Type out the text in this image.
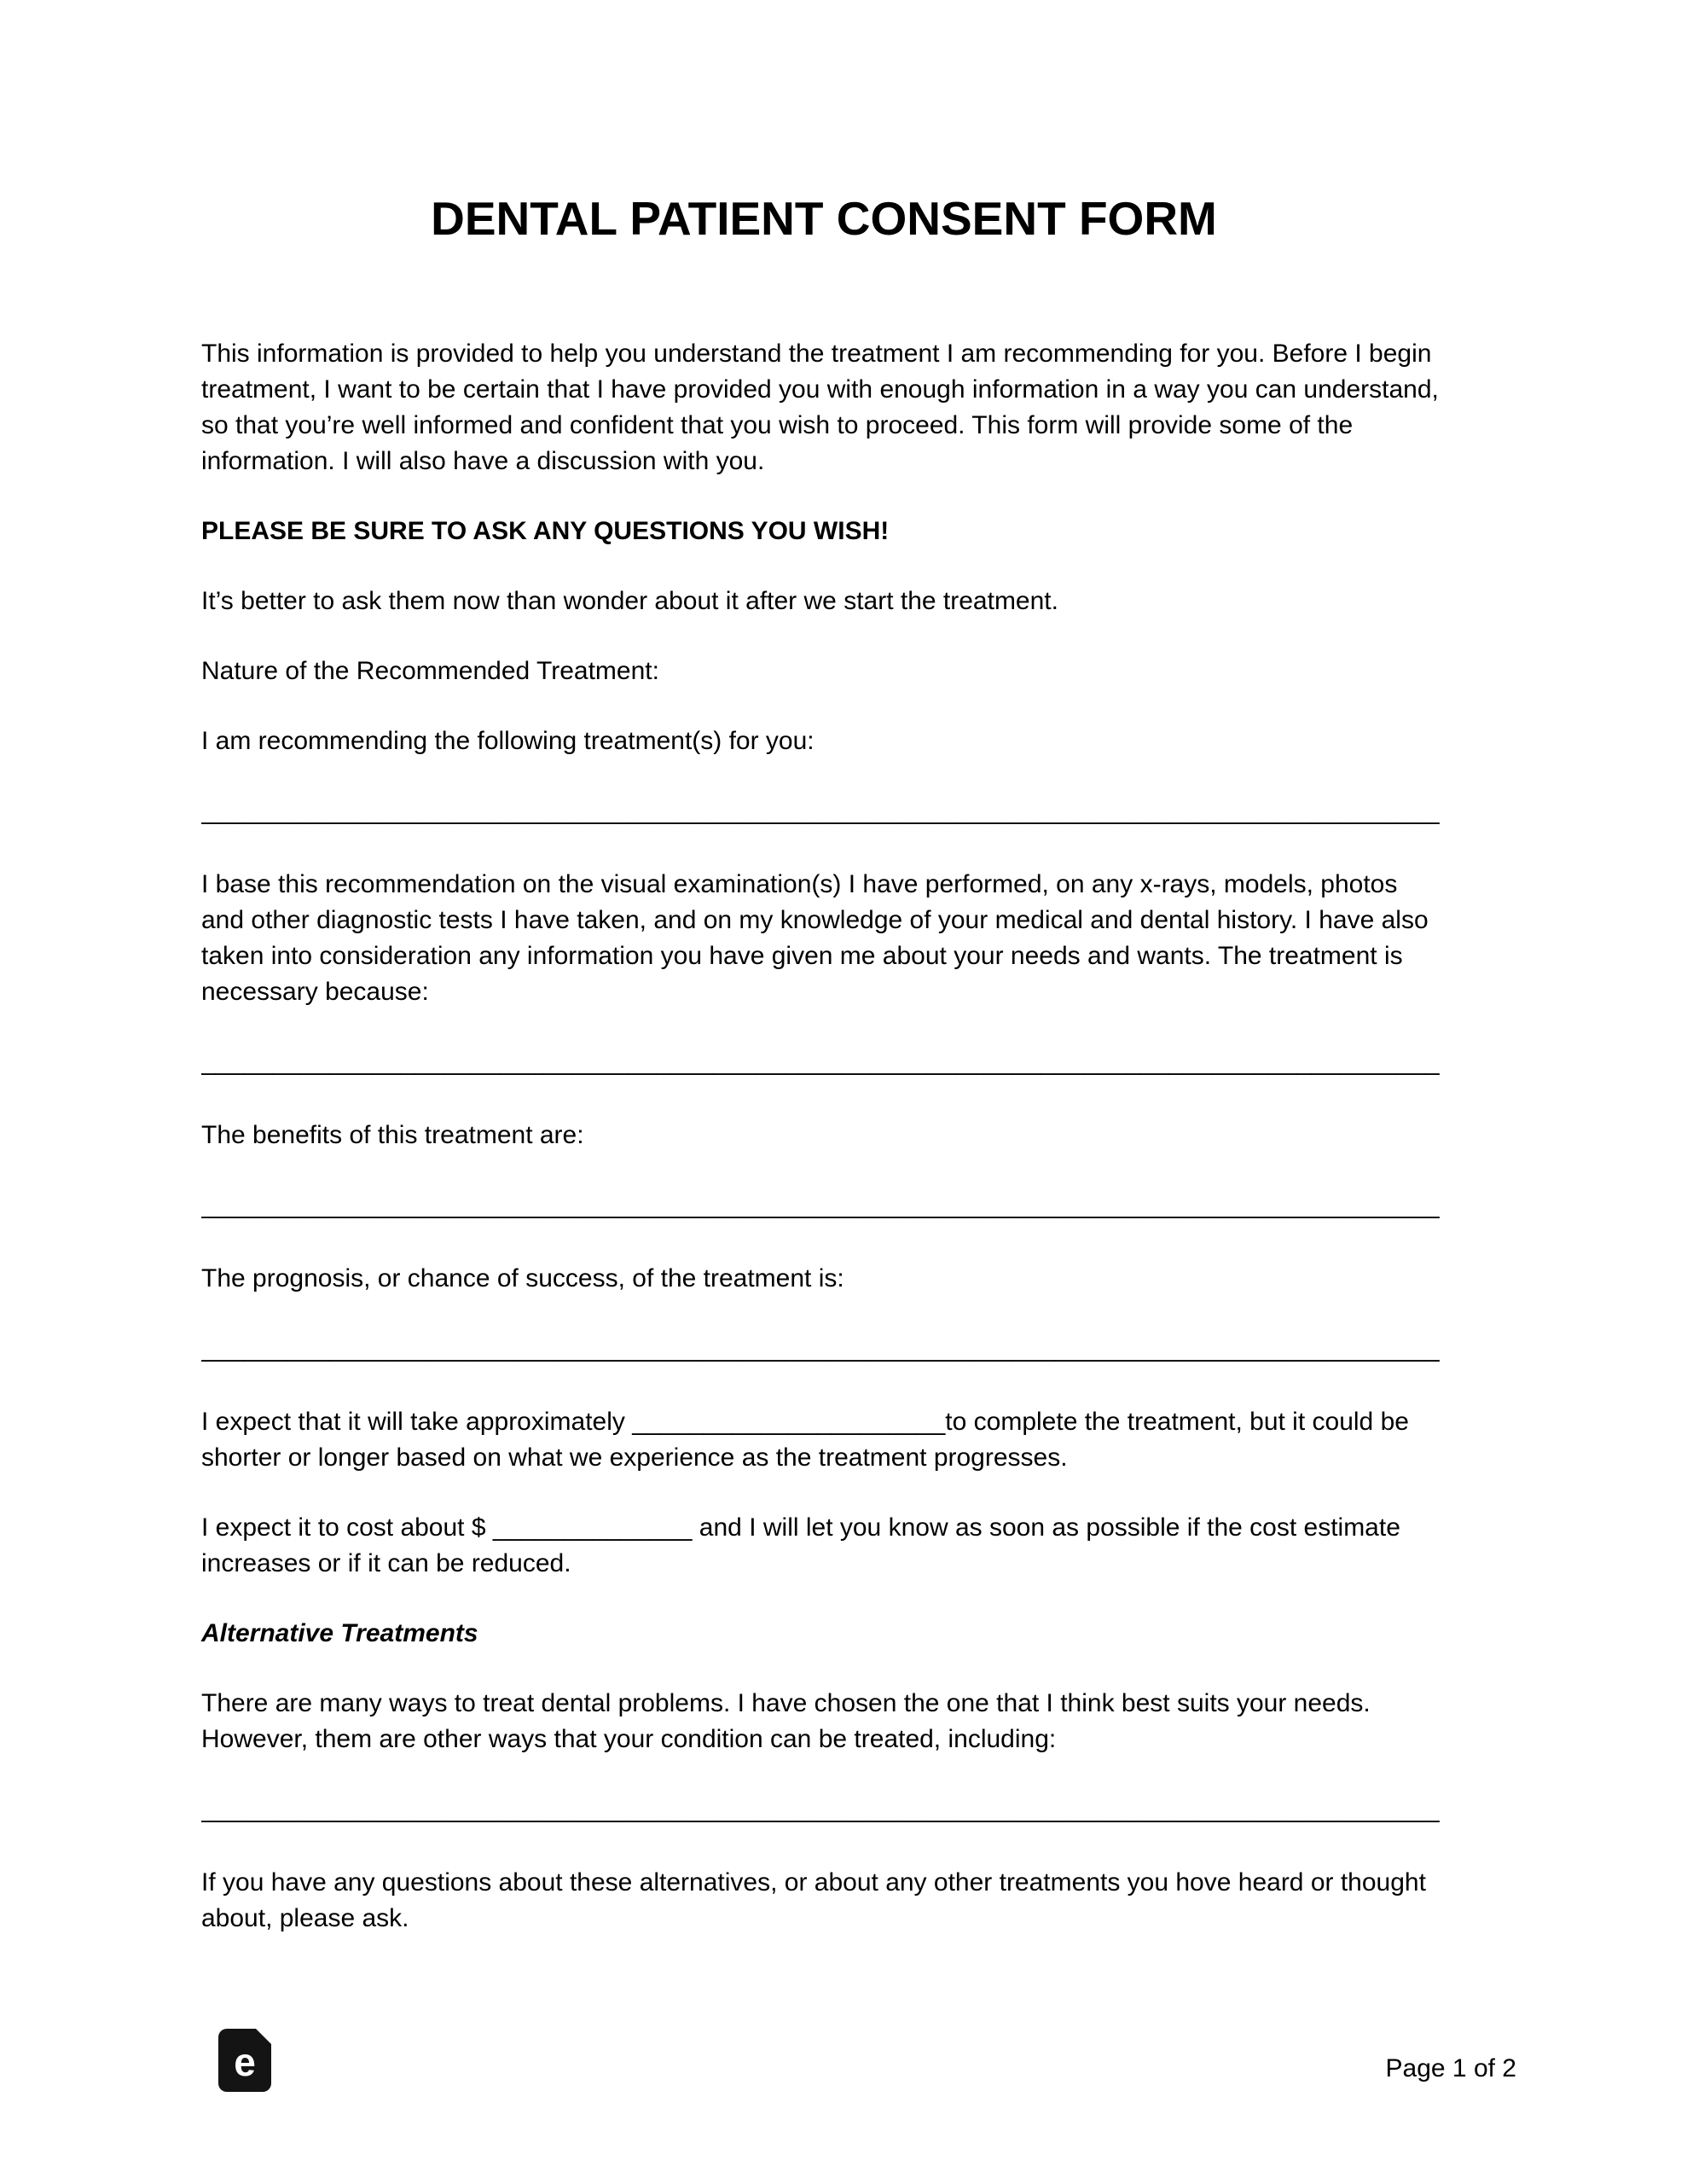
DENTAL PATIENT CONSENT FORM

This information is provided to help you understand the treatment I am recommending for you. Before I begin treatment, I want to be certain that I have provided you with enough information in a way you can understand, so that you’re well informed and confident that you wish to proceed. This form will provide some of the information. I will also have a discussion with you.

PLEASE BE SURE TO ASK ANY QUESTIONS YOU WISH!

It’s better to ask them now than wonder about it after we start the treatment.

Nature of the Recommended Treatment:

I am recommending the following treatment(s) for you:

_______________________________________________________________________________________

I base this recommendation on the visual examination(s) I have performed, on any x-rays, models, photos and other diagnostic tests I have taken, and on my knowledge of your medical and dental history. I have also taken into consideration any information you have given me about your needs and wants. The treatment is necessary because:

_______________________________________________________________________________________

The benefits of this treatment are:

_______________________________________________________________________________________

The prognosis, or chance of success, of the treatment is:

_______________________________________________________________________________________

I expect that it will take approximately ______________________to complete the treatment, but it could be shorter or longer based on what we experience as the treatment progresses.

I expect it to cost about $ ______________ and I will let you know as soon as possible if the cost estimate increases or if it can be reduced.

Alternative Treatments

There are many ways to treat dental problems. I have chosen the one that I think best suits your needs. However, them are other ways that your condition can be treated, including:

_______________________________________________________________________________________

If you have any questions about these alternatives, or about any other treatments you hove heard or thought about, please ask.

e	Page 1 of 2
